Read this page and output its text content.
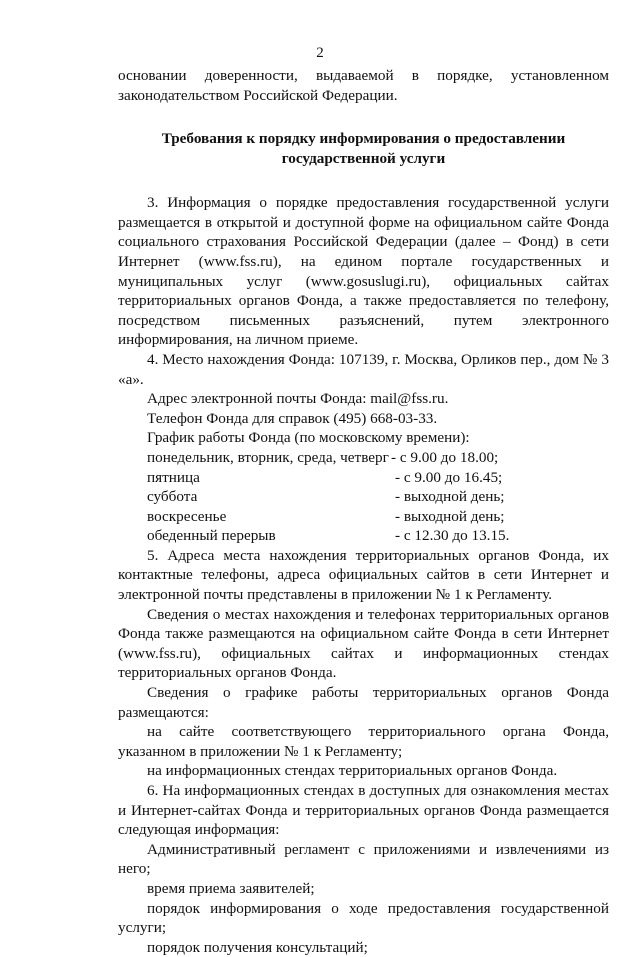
2

основании доверенности, выдаваемой в порядке, установленном законодательством Российской Федерации.

Требования к порядку информирования о предоставлении
государственной услуги

3. Информация о порядке предоставления государственной услуги размещается в открытой и доступной форме на официальном сайте Фонда социального страхования Российской Федерации (далее – Фонд) в сети Интернет (www.fss.ru), на едином портале государственных и муниципальных услуг (www.gosuslugi.ru), официальных сайтах территориальных органов Фонда, а также предоставляется по телефону, посредством письменных разъяснений, путем электронного информирования, на личном приеме.

4. Место нахождения Фонда: 107139, г. Москва, Орликов пер., дом № 3 «а».

Адрес электронной почты Фонда: mail@fss.ru.

Телефон Фонда для справок (495) 668-03-33.

График работы Фонда (по московскому времени):

понедельник, вторник, среда, четверг - с 9.00 до 18.00;
пятница	- с 9.00 до 16.45;
суббота	- выходной день;
воскресенье	- выходной день;
обеденный перерыв	- с 12.30 до 13.15.

5. Адреса места нахождения территориальных органов Фонда, их контактные телефоны, адреса официальных сайтов в сети Интернет и электронной почты представлены в приложении № 1 к Регламенту.

Сведения о местах нахождения и телефонах территориальных органов Фонда также размещаются на официальном сайте Фонда в сети Интернет (www.fss.ru), официальных сайтах и информационных стендах территориальных органов Фонда.

Сведения о графике работы территориальных органов Фонда размещаются:

на сайте соответствующего территориального органа Фонда, указанном в приложении № 1 к Регламенту;

на информационных стендах территориальных органов Фонда.

6. На информационных стендах в доступных для ознакомления местах и Интернет-сайтах Фонда и территориальных органов Фонда размещается следующая информация:

Административный регламент с приложениями и извлечениями из него;

время приема заявителей;

порядок информирования о ходе предоставления государственной услуги;

порядок получения консультаций;
